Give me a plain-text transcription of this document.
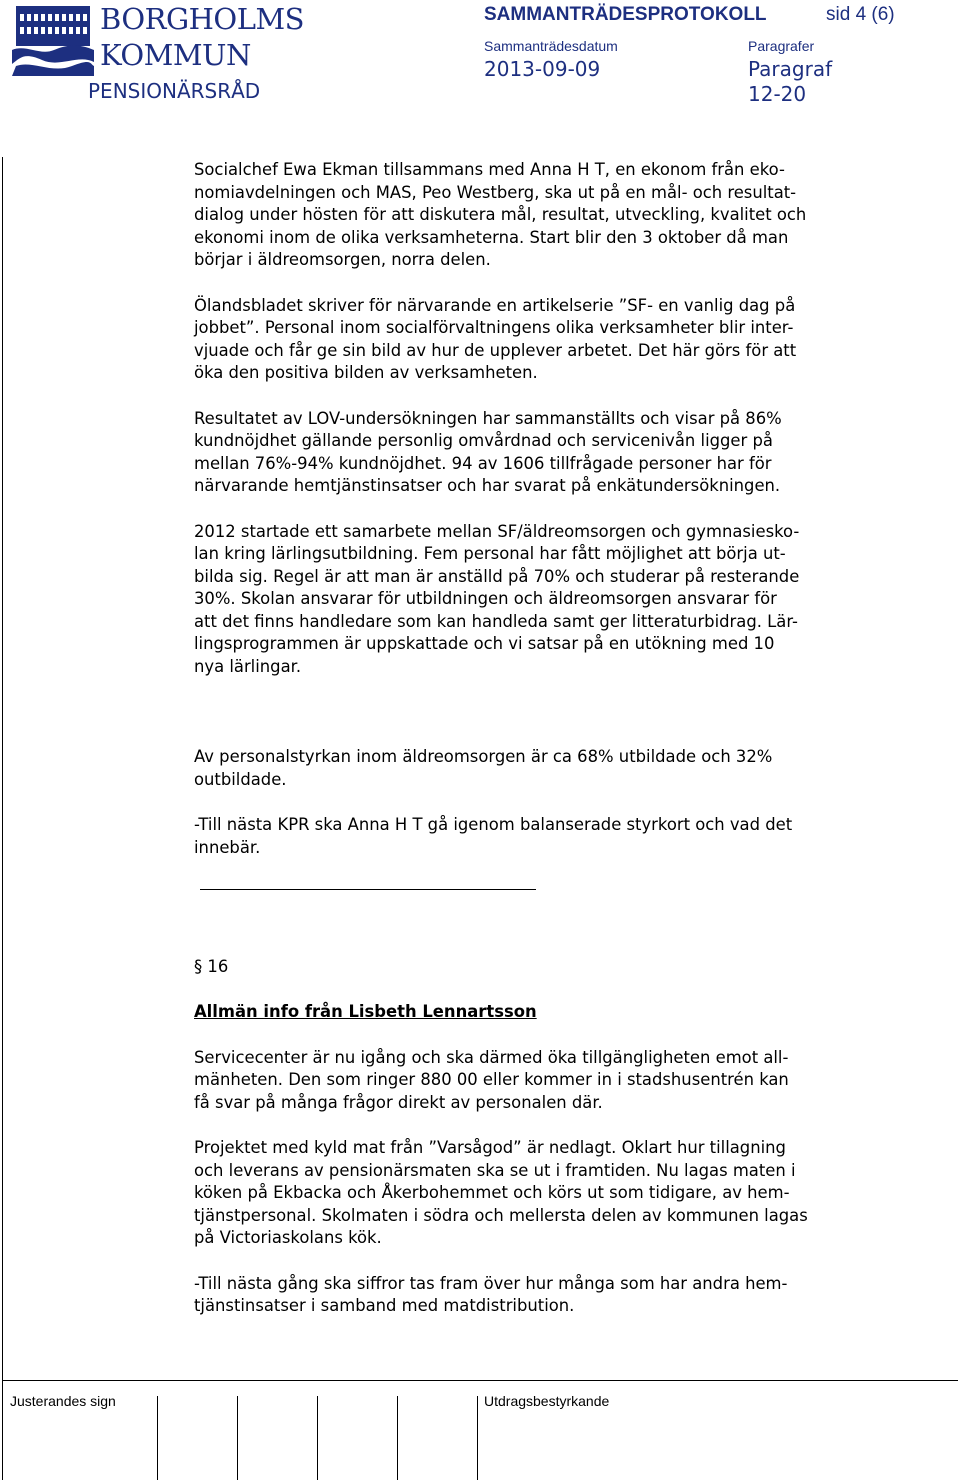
BORGHOLMS
KOMMUN
PENSIONÄRSRÅD
SAMMANTRÄDESPROTOKOLL	sid 4 (6)
Sammanträdesdatum	Paragrafer
2013-09-09	Paragraf
12-20
Socialchef Ewa Ekman tillsammans med Anna H T, en ekonom från eko-
nomiavdelningen och MAS, Peo Westberg, ska ut på en mål- och resultat-
dialog under hösten för att diskutera mål, resultat, utveckling, kvalitet och
ekonomi inom de olika verksamheterna. Start blir den 3 oktober då man
börjar i äldreomsorgen, norra delen.
Ölandsbladet skriver för närvarande en artikelserie ”SF- en vanlig dag på
jobbet”. Personal inom socialförvaltningens olika verksamheter blir inter-
vjuade och får ge sin bild av hur de upplever arbetet. Det här görs för att
öka den positiva bilden av verksamheten.
Resultatet av LOV-undersökningen har sammanställts och visar på 86%
kundnöjdhet gällande personlig omvårdnad och servicenivån ligger på
mellan 76%-94% kundnöjdhet. 94 av 1606 tillfrågade personer har för
närvarande hemtjänstinsatser och har svarat på enkätundersökningen.
2012 startade ett samarbete mellan SF/äldreomsorgen och gymnasiesko-
lan kring lärlingsutbildning. Fem personal har fått möjlighet att börja ut-
bilda sig. Regel är att man är anställd på 70% och studerar på resterande
30%. Skolan ansvarar för utbildningen och äldreomsorgen ansvarar för
att det finns handledare som kan handleda samt ger litteraturbidrag. Lär-
lingsprogrammen är uppskattade och vi satsar på en utökning med 10
nya lärlingar.
Av personalstyrkan inom äldreomsorgen är ca 68% utbildade och 32%
outbildade.
-Till nästa KPR ska Anna H T gå igenom balanserade styrkort och vad det
innebär.
§ 16
Allmän info från Lisbeth Lennartsson
Servicecenter är nu igång och ska därmed öka tillgängligheten emot all-
mänheten. Den som ringer 880 00 eller kommer in i stadshusentrén kan
få svar på många frågor direkt av personalen där.
Projektet med kyld mat från ”Varsågod” är nedlagt. Oklart hur tillagning
och leverans av pensionärsmaten ska se ut i framtiden. Nu lagas maten i
köken på Ekbacka och Åkerbohemmet och körs ut som tidigare, av hem-
tjänstpersonal. Skolmaten i södra och mellersta delen av kommunen lagas
på Victoriaskolans kök.
-Till nästa gång ska siffror tas fram över hur många som har andra hem-
tjänstinsatser i samband med matdistribution.
Justerandes sign	Utdragsbestyrkande
